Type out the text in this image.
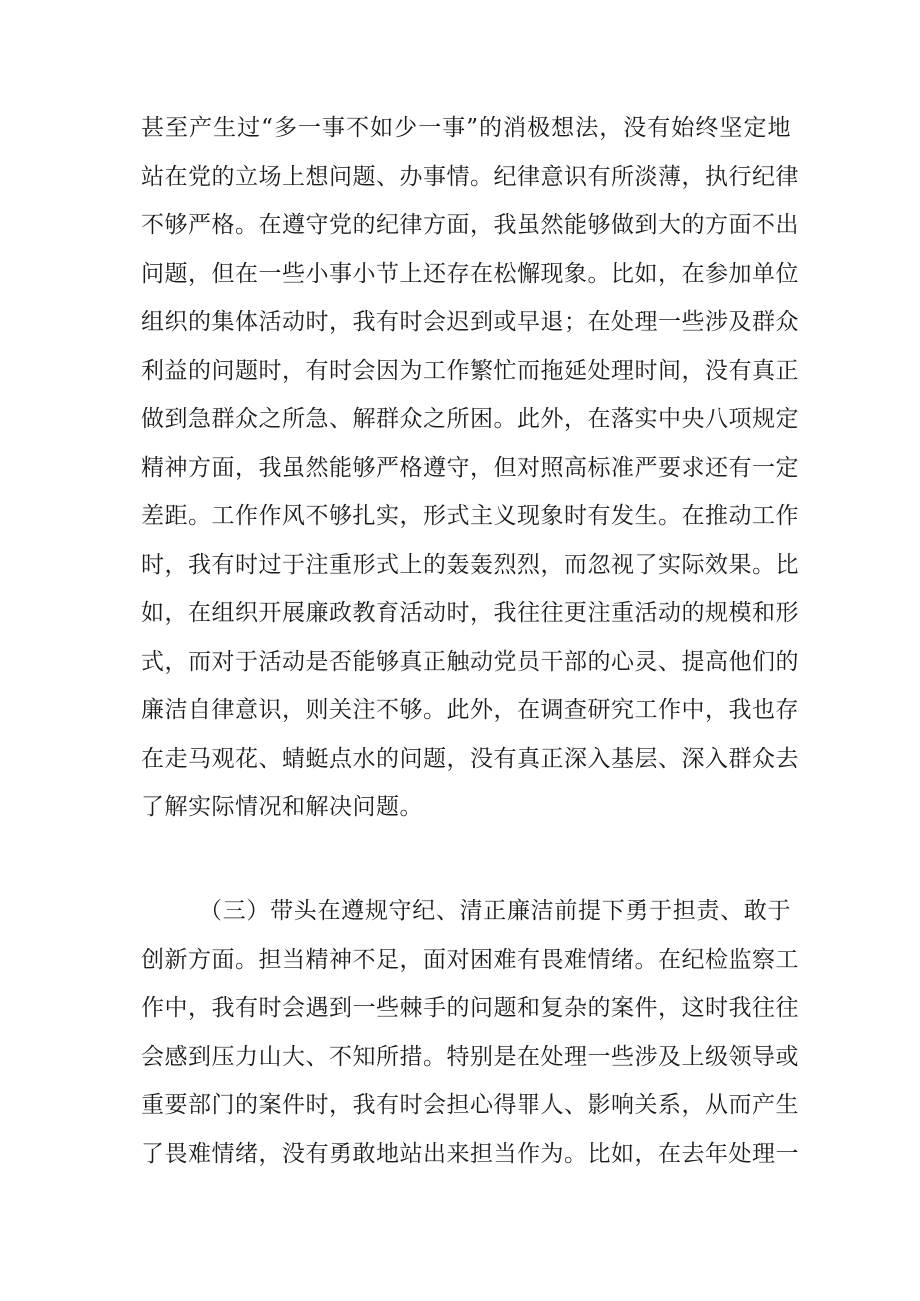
甚至产生过“多一事不如少一事”的消极想法，没有始终坚定地
站在党的立场上想问题、办事情。纪律意识有所淡薄，执行纪律
不够严格。在遵守党的纪律方面，我虽然能够做到大的方面不出
问题，但在一些小事小节上还存在松懈现象。比如，在参加单位
组织的集体活动时，我有时会迟到或早退；在处理一些涉及群众
利益的问题时，有时会因为工作繁忙而拖延处理时间，没有真正
做到急群众之所急、解群众之所困。此外，在落实中央八项规定
精神方面，我虽然能够严格遵守，但对照高标准严要求还有一定
差距。工作作风不够扎实，形式主义现象时有发生。在推动工作
时，我有时过于注重形式上的轰轰烈烈，而忽视了实际效果。比
如，在组织开展廉政教育活动时，我往往更注重活动的规模和形
式，而对于活动是否能够真正触动党员干部的心灵、提高他们的
廉洁自律意识，则关注不够。此外，在调查研究工作中，我也存
在走马观花、蜻蜓点水的问题，没有真正深入基层、深入群众去
了解实际情况和解决问题。
（三）带头在遵规守纪、清正廉洁前提下勇于担责、敢于
创新方面。担当精神不足，面对困难有畏难情绪。在纪检监察工
作中，我有时会遇到一些棘手的问题和复杂的案件，这时我往往
会感到压力山大、不知所措。特别是在处理一些涉及上级领导或
重要部门的案件时，我有时会担心得罪人、影响关系，从而产生
了畏难情绪，没有勇敢地站出来担当作为。比如，在去年处理一
